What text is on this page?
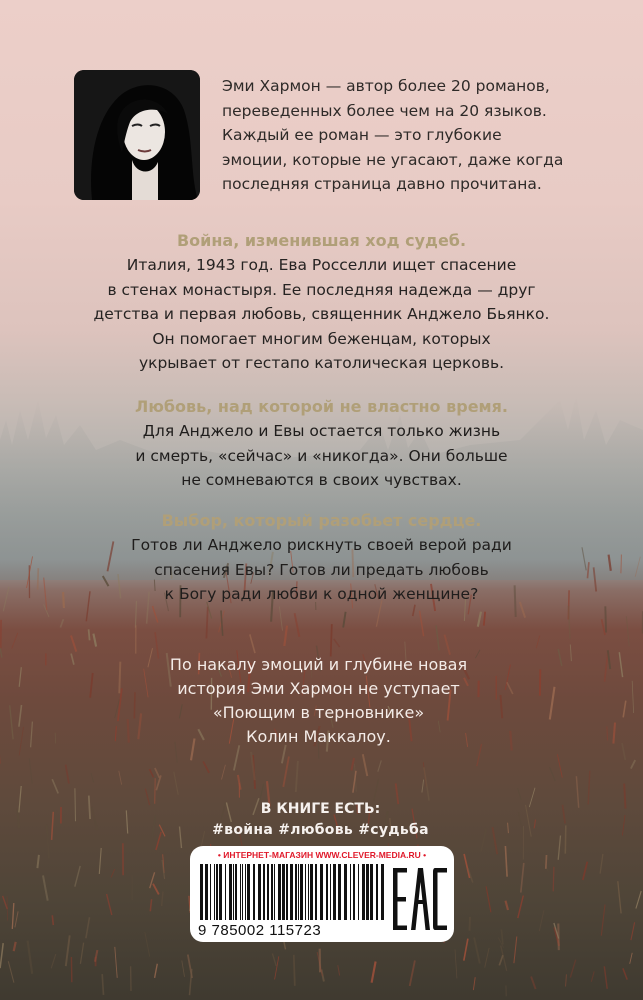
Эми Хармон — автор более 20 романов,
переведенных более чем на 20 языков.
Каждый ее роман — это глубокие
эмоции, которые не угасают, даже когда
последняя страница давно прочитана.

Война, изменившая ход судеб.

Италия, 1943 год. Ева Росселли ищет спасение
в стенах монастыря. Ее последняя надежда — друг
детства и первая любовь, священник Анджело Бьянко.
Он помогает многим беженцам, которых
укрывает от гестапо католическая церковь.

Любовь, над которой не властно время.

Для Анджело и Евы остается только жизнь
и смерть, «сейчас» и «никогда». Они больше
не сомневаются в своих чувствах.

Выбор, который разобьет сердце.

Готов ли Анджело рискнуть своей верой ради
спасения Евы? Готов ли предать любовь
к Богу ради любви к одной женщине?

По накалу эмоций и глубине новая
история Эми Хармон не уступает
«Поющим в терновнике»
Колин Маккалоу.

В КНИГЕ ЕСТЬ:

#война #любовь #судьба

• ИНТЕРНЕТ-МАГАЗИН WWW.CLEVER-MEDIA.RU •
9 785002 115723
